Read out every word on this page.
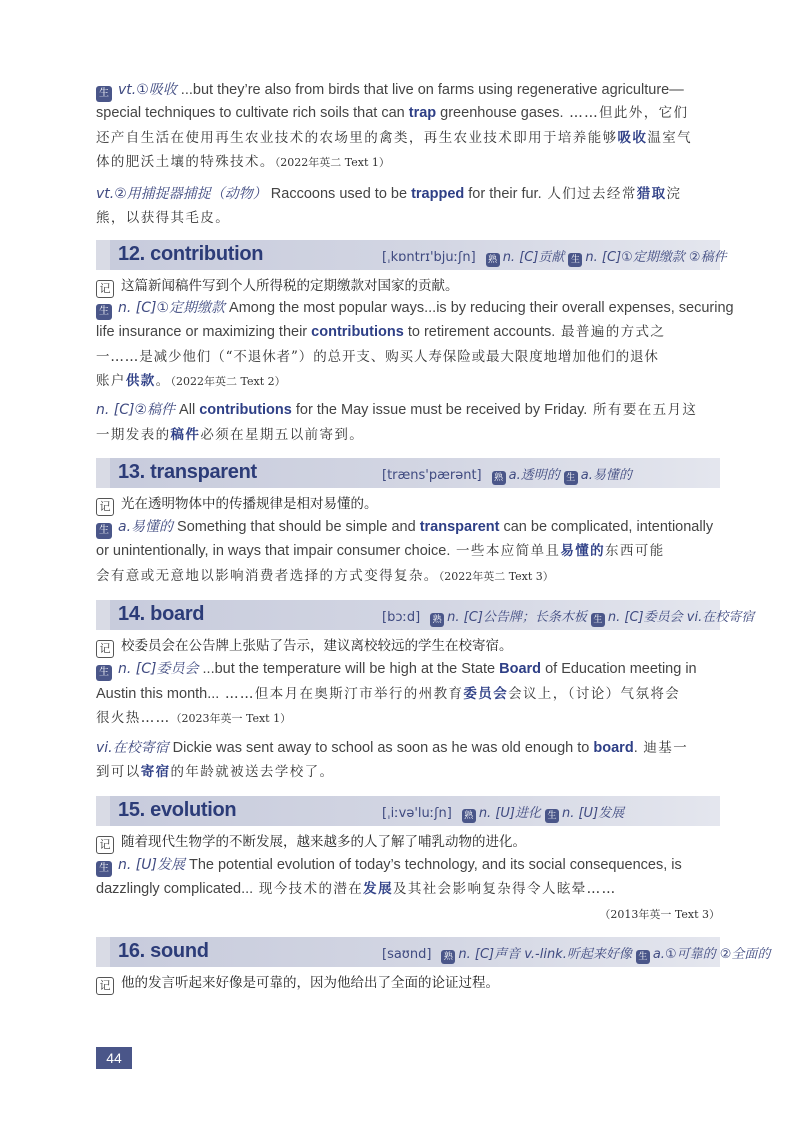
生 vt.①吸收 ...but they’re also from birds that live on farms using regenerative agriculture—
special techniques to cultivate rich soils that can trap greenhouse gases. ……但此外，它们
还产自生活在使用再生农业技术的农场里的禽类，再生农业技术即用于培养能够吸收温室气
体的肥沃土壤的特殊技术。（2022年英二 Text 1）
vt.②用捕捉器捕捉（动物） Raccoons used to be trapped for their fur. 人们过去经常猎取浣
熊，以获得其毛皮。
12. contribution	[ˌkɒntrɪ'bjuːʃn] 熟 n. [C]贡献 生 n. [C]①定期缴款 ②稿件
记 这篇新闻稿件写到个人所得税的定期缴款对国家的贡献。
生 n. [C]①定期缴款 Among the most popular ways...is by reducing their overall expenses, securing
life insurance or maximizing their contributions to retirement accounts. 最普遍的方式之
一……是减少他们（“不退休者”）的总开支、购买人寿保险或最大限度地增加他们的退休
账户供款。（2022年英二 Text 2）
n. [C]②稿件 All contributions for the May issue must be received by Friday. 所有要在五月这
一期发表的稿件必须在星期五以前寄到。
13. transparent	[træns'pærənt] 熟 a.透明的 生 a.易懂的
记 光在透明物体中的传播规律是相对易懂的。
生 a.易懂的 Something that should be simple and transparent can be complicated, intentionally
or unintentionally, in ways that impair consumer choice. 一些本应简单且易懂的东西可能
会有意或无意地以影响消费者选择的方式变得复杂。（2022年英二 Text 3）
14. board	[bɔːd] 熟 n. [C]公告牌；长条木板 生 n. [C]委员会 vi.在校寄宿
记 校委员会在公告牌上张贴了告示，建议离校较远的学生在校寄宿。
生 n. [C]委员会 ...but the temperature will be high at the State Board of Education meeting in
Austin this month... ……但本月在奥斯汀市举行的州教育委员会会议上，（讨论）气氛将会
很火热……（2023年英一 Text 1）
vi.在校寄宿 Dickie was sent away to school as soon as he was old enough to board. 迪基一
到可以寄宿的年龄就被送去学校了。
15. evolution	[ˌiːvə'luːʃn] 熟 n. [U]进化 生 n. [U]发展
记 随着现代生物学的不断发展，越来越多的人了解了哺乳动物的进化。
生 n. [U]发展 The potential evolution of today’s technology, and its social consequences, is
dazzlingly complicated... 现今技术的潜在发展及其社会影响复杂得令人眩晕……
（2013年英一 Text 3）
16. sound	[saʊnd] 熟 n. [C]声音 v.-link.听起来好像 生 a.①可靠的 ②全面的
记 他的发言听起来好像是可靠的，因为他给出了全面的论证过程。
44
